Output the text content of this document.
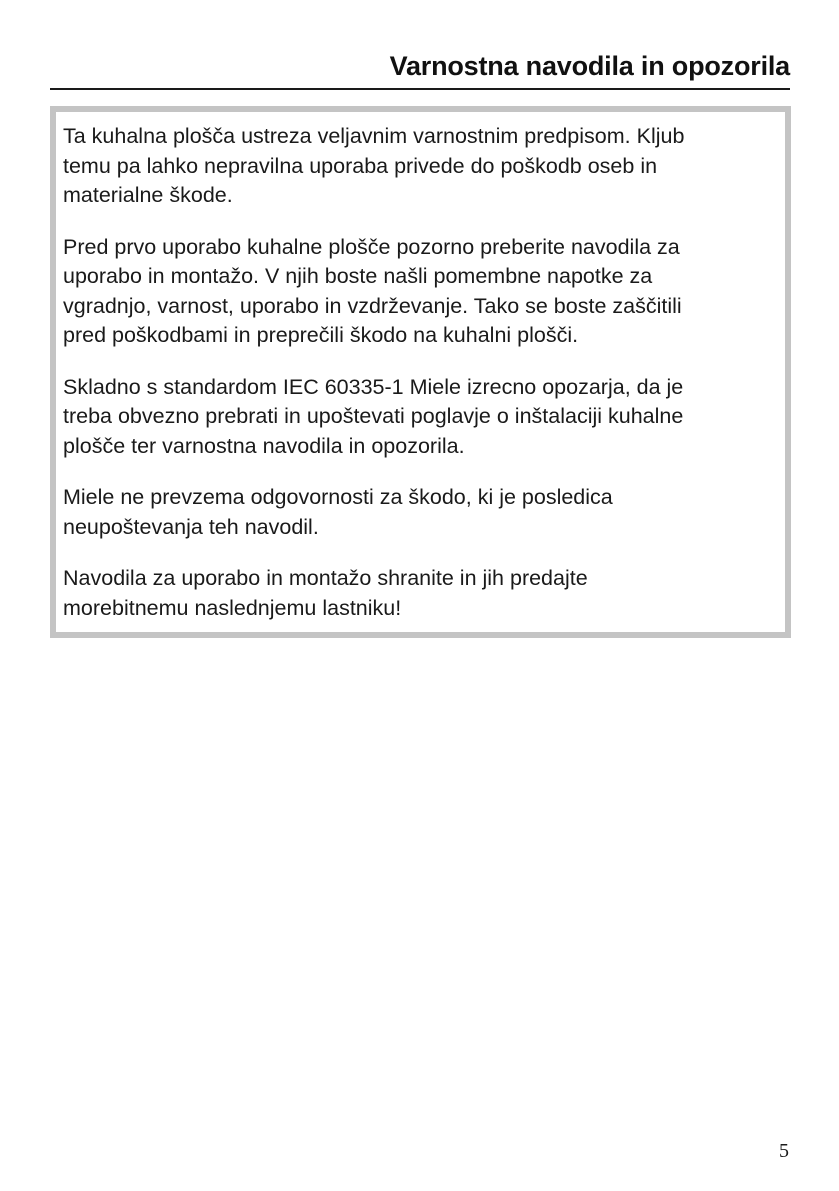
Varnostna navodila in opozorila

Ta kuhalna plošča ustreza veljavnim varnostnim predpisom. Kljub
temu pa lahko nepravilna uporaba privede do poškodb oseb in
materialne škode.

Pred prvo uporabo kuhalne plošče pozorno preberite navodila za
uporabo in montažo. V njih boste našli pomembne napotke za
vgradnjo, varnost, uporabo in vzdrževanje. Tako se boste zaščitili
pred poškodbami in preprečili škodo na kuhalni plošči.

Skladno s standardom IEC 60335-1 Miele izrecno opozarja, da je
treba obvezno prebrati in upoštevati poglavje o inštalaciji kuhalne
plošče ter varnostna navodila in opozorila.

Miele ne prevzema odgovornosti za škodo, ki je posledica
neupoštevanja teh navodil.

Navodila za uporabo in montažo shranite in jih predajte
morebitnemu naslednjemu lastniku!

5
